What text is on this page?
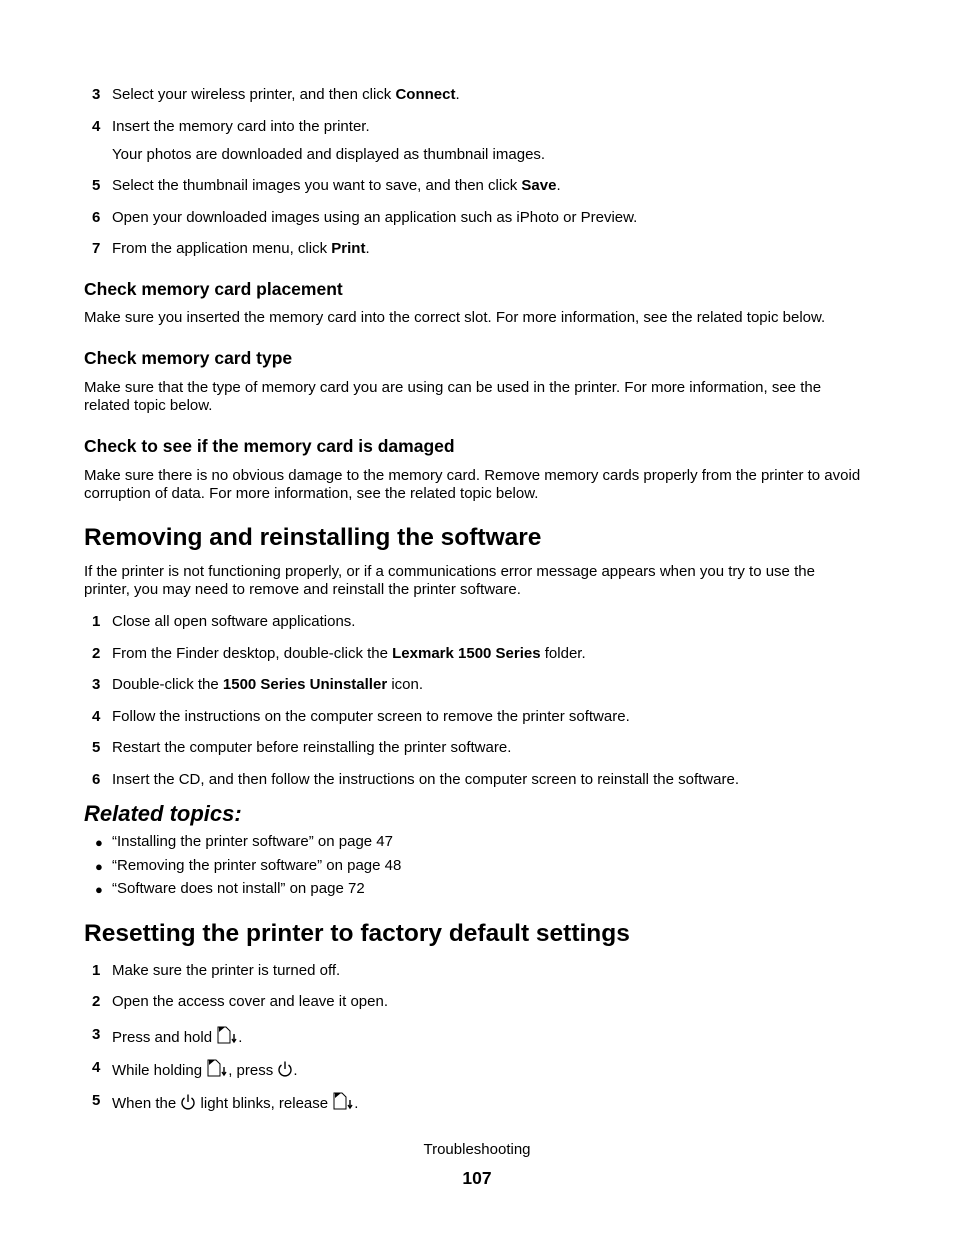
3 Select your wireless printer, and then click Connect.
4 Insert the memory card into the printer.
Your photos are downloaded and displayed as thumbnail images.
5 Select the thumbnail images you want to save, and then click Save.
6 Open your downloaded images using an application such as iPhoto or Preview.
7 From the application menu, click Print.
Check memory card placement
Make sure you inserted the memory card into the correct slot. For more information, see the related topic below.
Check memory card type
Make sure that the type of memory card you are using can be used in the printer. For more information, see the related topic below.
Check to see if the memory card is damaged
Make sure there is no obvious damage to the memory card. Remove memory cards properly from the printer to avoid corruption of data. For more information, see the related topic below.
Removing and reinstalling the software
If the printer is not functioning properly, or if a communications error message appears when you try to use the printer, you may need to remove and reinstall the printer software.
1 Close all open software applications.
2 From the Finder desktop, double-click the Lexmark 1500 Series folder.
3 Double-click the 1500 Series Uninstaller icon.
4 Follow the instructions on the computer screen to remove the printer software.
5 Restart the computer before reinstalling the printer software.
6 Insert the CD, and then follow the instructions on the computer screen to reinstall the software.
Related topics:
● “Installing the printer software” on page 47
● “Removing the printer software” on page 48
● “Software does not install” on page 72
Resetting the printer to factory default settings
1 Make sure the printer is turned off.
2 Open the access cover and leave it open.
3 Press and hold .
4 While holding , press .
5 When the  light blinks, release .
Troubleshooting
107
